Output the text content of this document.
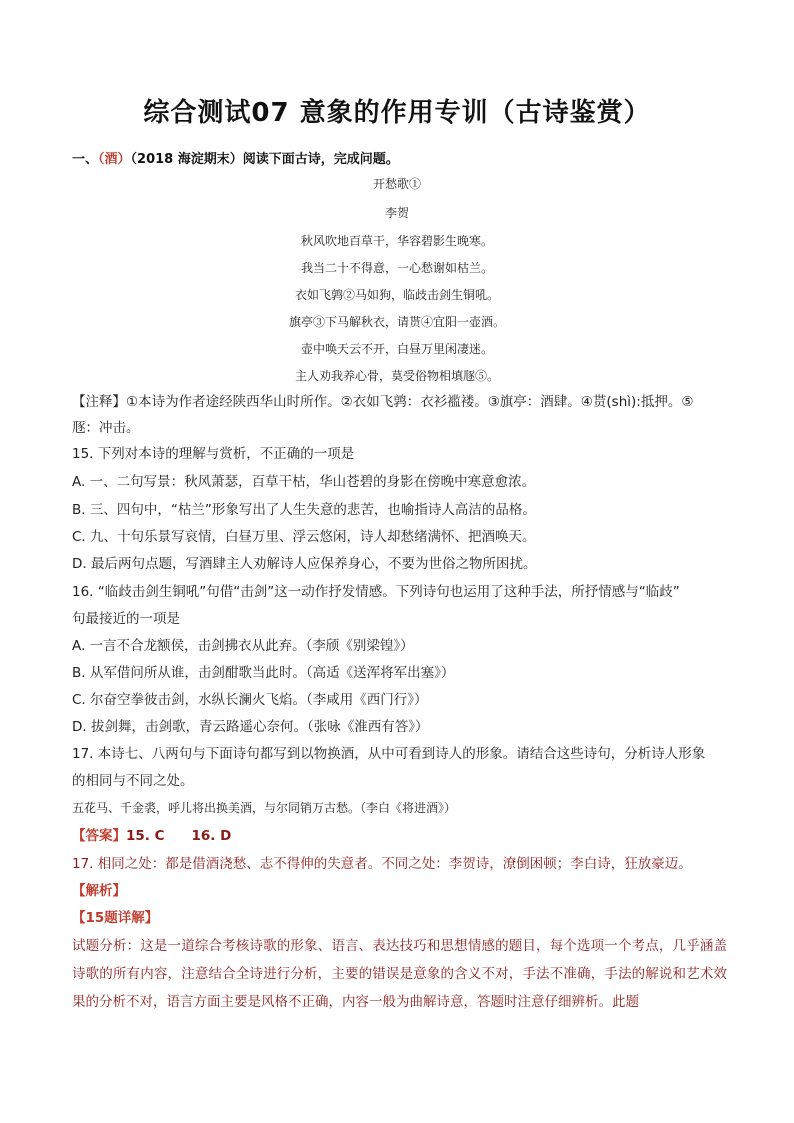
综合测试07 意象的作用专训（古诗鉴赏）
一、（酒）（2018 海淀期末）阅读下面古诗，完成问题。
开愁歌①
李贺
秋风吹地百草干，华容碧影生晚寒。
我当二十不得意，一心愁谢如枯兰。
衣如飞鹑②马如狗，临歧击剑生铜吼。
旗亭③下马解秋衣，请贳④宜阳一壶酒。
壶中唤天云不开，白昼万里闲凄迷。
主人劝我养心骨，莫受俗物相填豗⑤。
【注释】①本诗为作者途经陕西华山时所作。②衣如飞鹑：衣衫褴褛。③旗亭：酒肆。④贳(shì):抵押。⑤
豗：冲击。
15. 下列对本诗的理解与赏析，不正确的一项是
A. 一、二句写景：秋风萧瑟，百草干枯，华山苍碧的身影在傍晚中寒意愈浓。
B. 三、四句中，“枯兰”形象写出了人生失意的悲苦，也喻指诗人高洁的品格。
C. 九、十句乐景写哀情，白昼万里、浮云悠闲，诗人却愁绪满怀、把酒唤天。
D. 最后两句点题，写酒肆主人劝解诗人应保养身心，不要为世俗之物所困扰。
16. “临歧击剑生铜吼”句借“击剑”这一动作抒发情感。下列诗句也运用了这种手法，所抒情感与“临歧”
句最接近的一项是
A. 一言不合龙额侯，击剑拂衣从此弃。（李颀《别梁锽》）
B. 从军借问所从谁，击剑酣歌当此时。（高适《送浑将军出塞》）
C. 尔奋空拳彼击剑，水纵长澜火飞焰。（李咸用《西门行》）
D. 拔剑舞，击剑歌，青云路遥心奈何。（张咏《淮西有答》）
17. 本诗七、八两句与下面诗句都写到以物换酒，从中可看到诗人的形象。请结合这些诗句，分析诗人形象
的相同与不同之处。
五花马、千金裘，呼儿将出换美酒，与尔同销万古愁。（李白《将进酒》）
【答案】15. C　　16. D
17. 相同之处：都是借酒浇愁、志不得伸的失意者。不同之处：李贺诗，潦倒困顿；李白诗，狂放豪迈。
【解析】
【15题详解】
试题分析：这是一道综合考核诗歌的形象、语言、表达技巧和思想情感的题目，每个选项一个考点，几乎涵盖诗歌的所有内容，注意结合全诗进行分析，主要的错误是意象的含义不对，手法不准确，手法的解说和艺术效果的分析不对，语言方面主要是风格不正确，内容一般为曲解诗意，答题时注意仔细辨析。此题
